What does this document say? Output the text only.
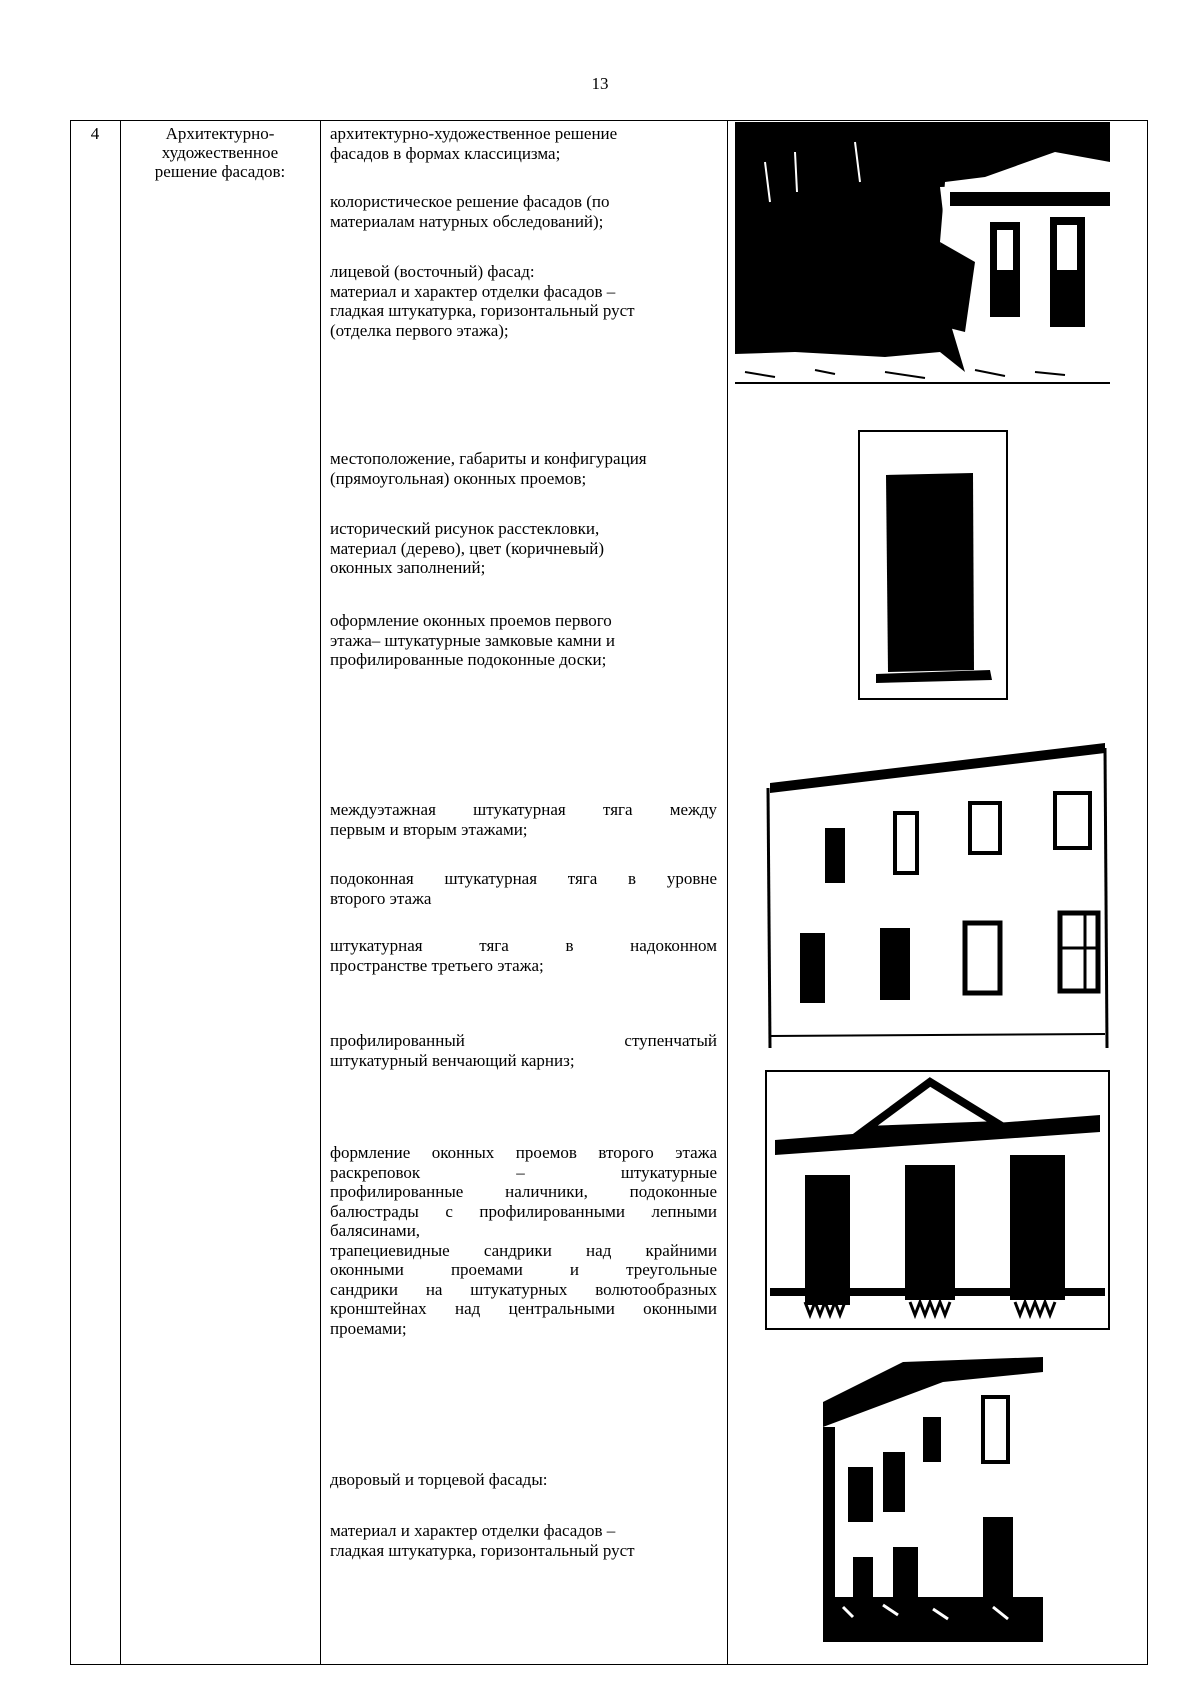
13
4	Архитектурно-
художественное
решение фасадов:

архитектурно-художественное решение

фасадов в формах классицизма;

колористическое решение фасадов (по

материалам натурных обследований);

лицевой (восточный) фасад:

материал и характер отделки фасадов –

гладкая штукатурка, горизонтальный руст

(отделка первого этажа);

местоположение, габариты и конфигурация

(прямоугольная) оконных проемов;

исторический рисунок расстекловки,

материал (дерево), цвет (коричневый)

оконных заполнений;

оформление оконных проемов первого

этажа– штукатурные замковые камни и

профилированные подоконные доски;

междуэтажная штукатурная тяга между

первым и вторым этажами;

подоконная штукатурная тяга в уровне

второго этажа

штукатурная тяга в надоконном

пространстве третьего этажа;

профилированный ступенчатый

штукатурный венчающий карниз;

формление оконных проемов второго этажа

раскреповок – штукатурные

профилированные наличники, подоконные

балюстрады с профилированными лепными

балясинами,

трапециевидные сандрики над крайними

оконными проемами и треугольные

сандрики на штукатурных волютообразных

кронштейнах над центральными оконными

проемами;

дворовый и торцевой фасады:

материал и характер отделки фасадов –

гладкая штукатурка, горизонтальный руст
